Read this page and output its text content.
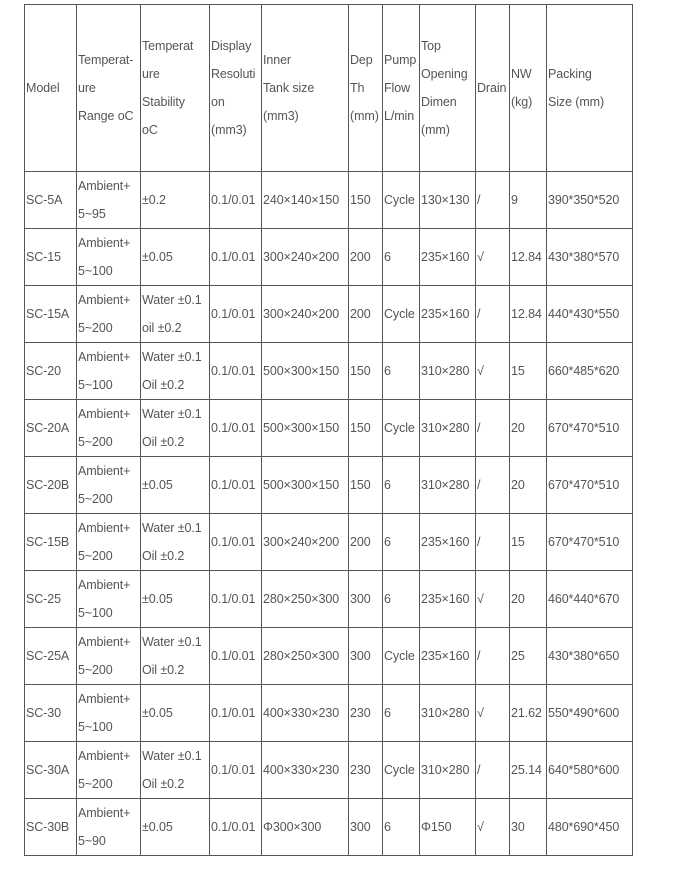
Model	Temperat-
ure
Range oC	Temperat
ure
Stability
oC	Display
Resoluti
on
(mm3)	Inner
Tank size
(mm3)	Dep
Th
(mm)	Pump
Flow
L/min	Top
Opening
Dimen
(mm)	Drain	NW
(kg)	Packing
Size (mm)

SC-5A	Ambient+
5~95	±0.2	0.1/0.01	240×140×150	150	Cycle	130×130	/	9	390*350*520

SC-15	Ambient+
5~100	±0.05	0.1/0.01	300×240×200	200	6	235×160	√	12.84	430*380*570

SC-15A	Ambient+
5~200	Water ±0.1
oil ±0.2	0.1/0.01	300×240×200	200	Cycle	235×160	/	12.84	440*430*550

SC-20	Ambient+
5~100	Water ±0.1
Oil ±0.2	0.1/0.01	500×300×150	150	6	310×280	√	15	660*485*620

SC-20A	Ambient+
5~200	Water ±0.1
Oil ±0.2	0.1/0.01	500×300×150	150	Cycle	310×280	/	20	670*470*510

SC-20B	Ambient+
5~200	±0.05	0.1/0.01	500×300×150	150	6	310×280	/	20	670*470*510

SC-15B	Ambient+
5~200	Water ±0.1
Oil ±0.2	0.1/0.01	300×240×200	200	6	235×160	/	15	670*470*510

SC-25	Ambient+
5~100	±0.05	0.1/0.01	280×250×300	300	6	235×160	√	20	460*440*670

SC-25A	Ambient+
5~200	Water ±0.1
Oil ±0.2	0.1/0.01	280×250×300	300	Cycle	235×160	/	25	430*380*650

SC-30	Ambient+
5~100	±0.05	0.1/0.01	400×330×230	230	6	310×280	√	21.62	550*490*600

SC-30A	Ambient+
5~200	Water ±0.1
Oil ±0.2	0.1/0.01	400×330×230	230	Cycle	310×280	/	25.14	640*580*600

SC-30B	Ambient+
5~90	±0.05	0.1/0.01	Φ300×300	300	6	Φ150	√	30	480*690*450
